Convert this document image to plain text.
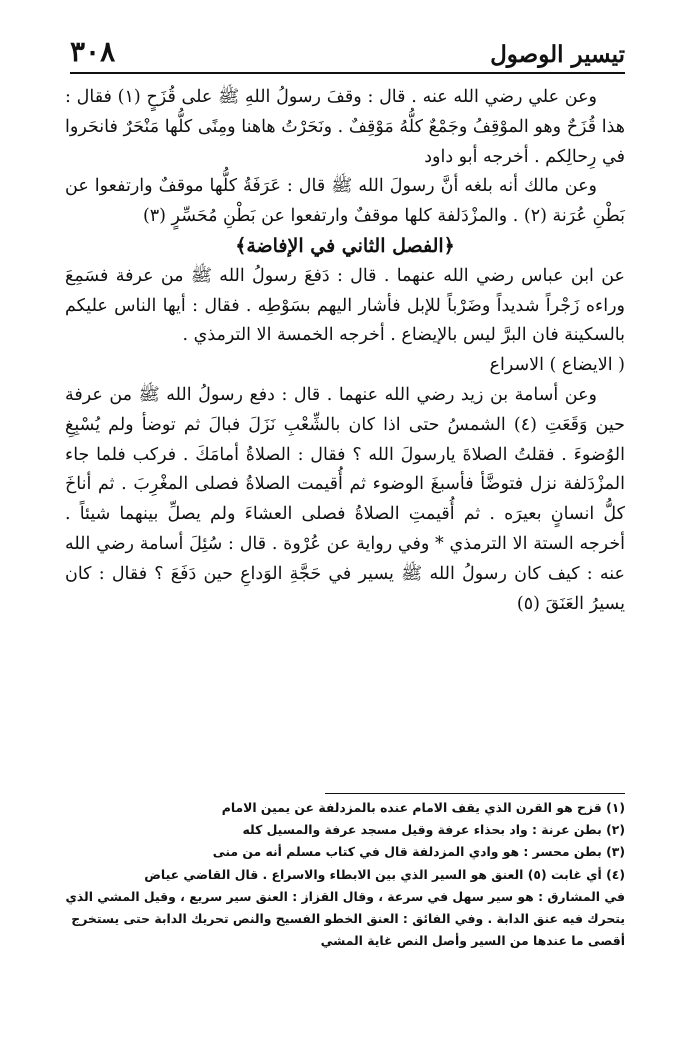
٣٠٨	تيسير الوصول

وعن علي رضي الله عنه . قال : وقفَ رسولُ اللهِ ﷺ على قُزَحٍ (١) فقال : هذا قُزَحٌ وهو الموْقِفُ وجَمْعٌ كلُّهُ مَوْقِفٌ . ونَحَرْتُ هاهنا ومِنًى كلُّها مَنْحَرٌ فانحَروا في رِحالِكم . أخرجه أبو داود

وعن مالك أنه بلغه أنَّ رسولَ الله ﷺ قال : عَرَفَةُ كلُّها موقفٌ وارتفعوا عن بَطْنِ عُرَنة (٢) . والمزْدَلفة كلها موقفٌ وارتفعوا عن بَطْنِ مُحَسِّرٍ (٣)

﴿الفصل الثاني في الإفاضة﴾

عن ابن عباس رضي الله عنهما . قال : دَفعَ رسولُ الله ﷺ من عرفة فسَمِعَ وراءه زَجْراً شديداً وضَرْباً للإبل فأشار اليهم بسَوْطِه . فقال : أيها الناس عليكم بالسكينة فان البرَّ ليس بالإيضاع . أخرجه الخمسة الا الترمذي .

( الايضاع ) الاسراع

وعن أسامة بن زيد رضي الله عنهما . قال : دفع رسولُ الله ﷺ من عرفة حين وَقَعَتِ (٤) الشمسُ حتى اذا كان بالشِّعْبِ نَزَلَ فبالَ ثم توضأ ولم يُسْبِغِ الوُضوءَ . فقلتُ الصلاةَ يارسولَ الله ؟ فقال : الصلاةُ أمامَكَ . فركب فلما جاء المزْدَلفة نزل فتوضَّأ فأسبغَ الوضوء ثم أُقيمت الصلاةُ فصلى المغْرِبَ . ثم أناخَ كلُّ انسانٍ بعيرَه . ثم أُقيمتِ الصلاةُ فصلى العشاءَ ولم يصلِّ بينهما شيئاً . أخرجه الستة الا الترمذي * وفي رواية عن عُرْوة . قال : سُئِلَ أسامة رضي الله عنه : كيف كان رسولُ الله ﷺ يسير في حَجَّةِ الوَداعِ حين دَفَعَ ؟ فقال : كان يسيرُ العَنَقَ (٥)

(١) قزح هو القرن الذي يقف الامام عنده بالمزدلفة عن يمين الامام

(٢) بطن عرنة : واد بحذاء عرفة وقيل مسجد عرفة والمسيل كله

(٣) بطن محسر : هو وادي المزدلفة قال في كتاب مسلم أنه من منى

(٤) أي غابت (٥) العنق هو السير الذي بين الابطاء والاسراع . قال القاضي عياض

في المشارق : هو سير سهل في سرعة ، وقال القزاز : العنق سير سريع ، وقيل المشي الذي

يتحرك فيه عنق الدابة . وفي الفائق : العنق الخطو الفسيح والنص تحريك الدابة حتى يستخرج

أقصى ما عندها من السير وأصل النص غاية المشي
